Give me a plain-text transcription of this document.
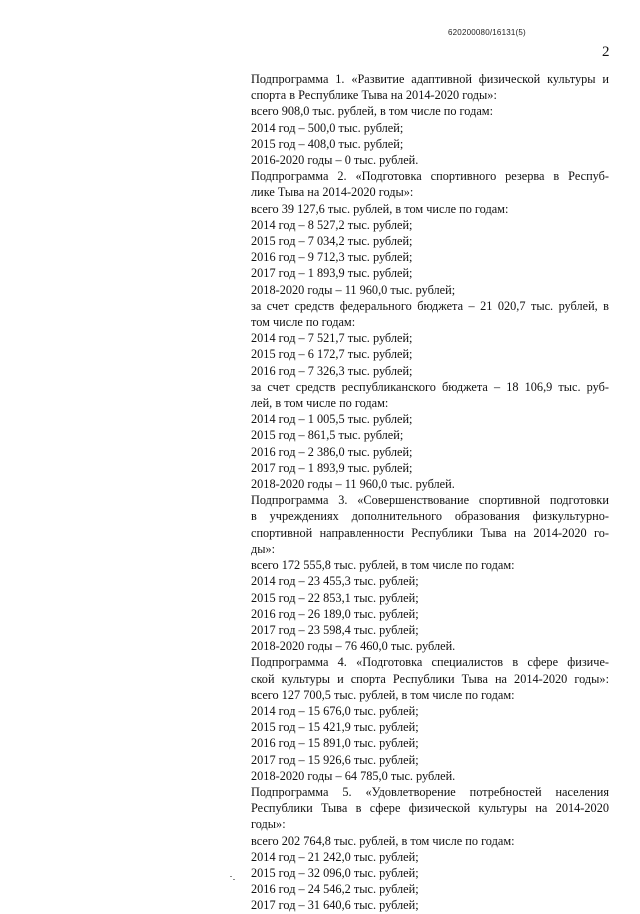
620200080/16131(5)
2
Подпрограмма 1. «Развитие адаптивной физической культуры и
спорта в Республике Тыва на 2014-2020 годы»:
всего 908,0 тыс. рублей, в том числе по годам:
2014 год – 500,0 тыс. рублей;
2015 год – 408,0 тыс. рублей;
2016-2020 годы – 0 тыс. рублей.
Подпрограмма 2. «Подготовка спортивного резерва в Респуб-
лике Тыва на 2014-2020 годы»:
всего 39 127,6 тыс. рублей, в том числе по годам:
2014 год – 8 527,2 тыс. рублей;
2015 год – 7 034,2 тыс. рублей;
2016 год – 9 712,3 тыс. рублей;
2017 год – 1 893,9 тыс. рублей;
2018-2020 годы – 11 960,0 тыс. рублей;
за счет средств федерального бюджета – 21 020,7 тыс. рублей, в
том числе по годам:
2014 год – 7 521,7 тыс. рублей;
2015 год – 6 172,7 тыс. рублей;
2016 год – 7 326,3 тыс. рублей;
за счет средств республиканского бюджета – 18 106,9 тыс. руб-
лей, в том числе по годам:
2014 год – 1 005,5 тыс. рублей;
2015 год – 861,5 тыс. рублей;
2016 год – 2 386,0 тыс. рублей;
2017 год – 1 893,9 тыс. рублей;
2018-2020 годы – 11 960,0 тыс. рублей.
Подпрограмма 3. «Совершенствование спортивной подготовки
в учреждениях дополнительного образования физкультурно-
спортивной направленности Республики Тыва на 2014-2020 го-
ды»:
всего 172 555,8 тыс. рублей, в том числе по годам:
2014 год – 23 455,3 тыс. рублей;
2015 год – 22 853,1 тыс. рублей;
2016 год – 26 189,0 тыс. рублей;
2017 год – 23 598,4 тыс. рублей;
2018-2020 годы – 76 460,0 тыс. рублей.
Подпрограмма 4. «Подготовка специалистов в сфере физиче-
ской культуры и спорта Республики Тыва на 2014-2020 годы»:
всего 127 700,5 тыс. рублей, в том числе по годам:
2014 год – 15 676,0 тыс. рублей;
2015 год – 15 421,9 тыс. рублей;
2016 год – 15 891,0 тыс. рублей;
2017 год – 15 926,6 тыс. рублей;
2018-2020 годы – 64 785,0 тыс. рублей.
Подпрограмма 5. «Удовлетворение потребностей населения
Республики Тыва в сфере физической культуры на 2014-2020
годы»:
всего 202 764,8 тыс. рублей, в том числе по годам:
2014 год – 21 242,0 тыс. рублей;
2015 год – 32 096,0 тыс. рублей;
2016 год – 24 546,2 тыс. рублей;
2017 год – 31 640,6 тыс. рублей;
